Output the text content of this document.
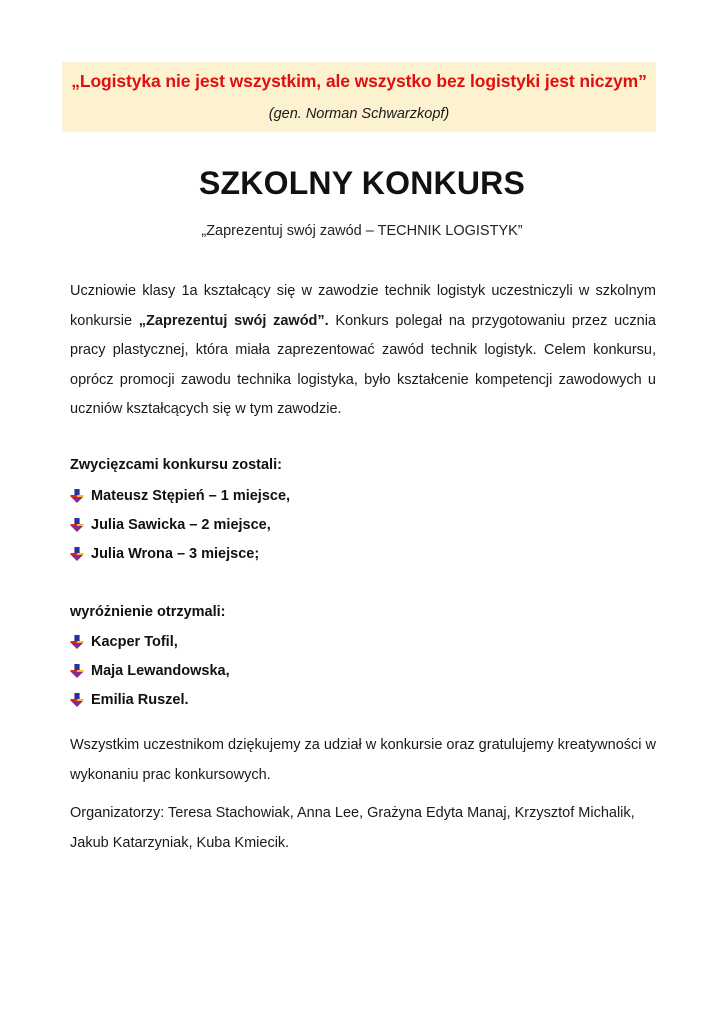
„Logistyka nie jest wszystkim, ale wszystko bez logistyki jest niczym”
(gen. Norman Schwarzkopf)
SZKOLNY KONKURS
„Zaprezentuj swój zawód – TECHNIK LOGISTYK”
Uczniowie klasy 1a kształcący się w zawodzie technik logistyk uczestniczyli w szkolnym konkursie „Zaprezentuj swój zawód”. Konkurs polegał na przygotowaniu przez ucznia pracy plastycznej, która miała zaprezentować zawód technik logistyk. Celem konkursu, oprócz promocji zawodu technika logistyka, było kształcenie kompetencji zawodowych u uczniów kształcących się w tym zawodzie.
Zwycięzcami konkursu zostali:
Mateusz Stępień – 1 miejsce,
Julia Sawicka – 2 miejsce,
Julia Wrona – 3 miejsce;
wyróżnienie otrzymali:
Kacper Tofil,
Maja Lewandowska,
Emilia Ruszel.
Wszystkim uczestnikom dziękujemy za udział w konkursie oraz gratulujemy kreatywności w wykonaniu prac konkursowych.
Organizatorzy: Teresa Stachowiak, Anna Lee, Grażyna Edyta Manaj, Krzysztof Michalik,
Jakub Katarzyniak, Kuba Kmiecik.
